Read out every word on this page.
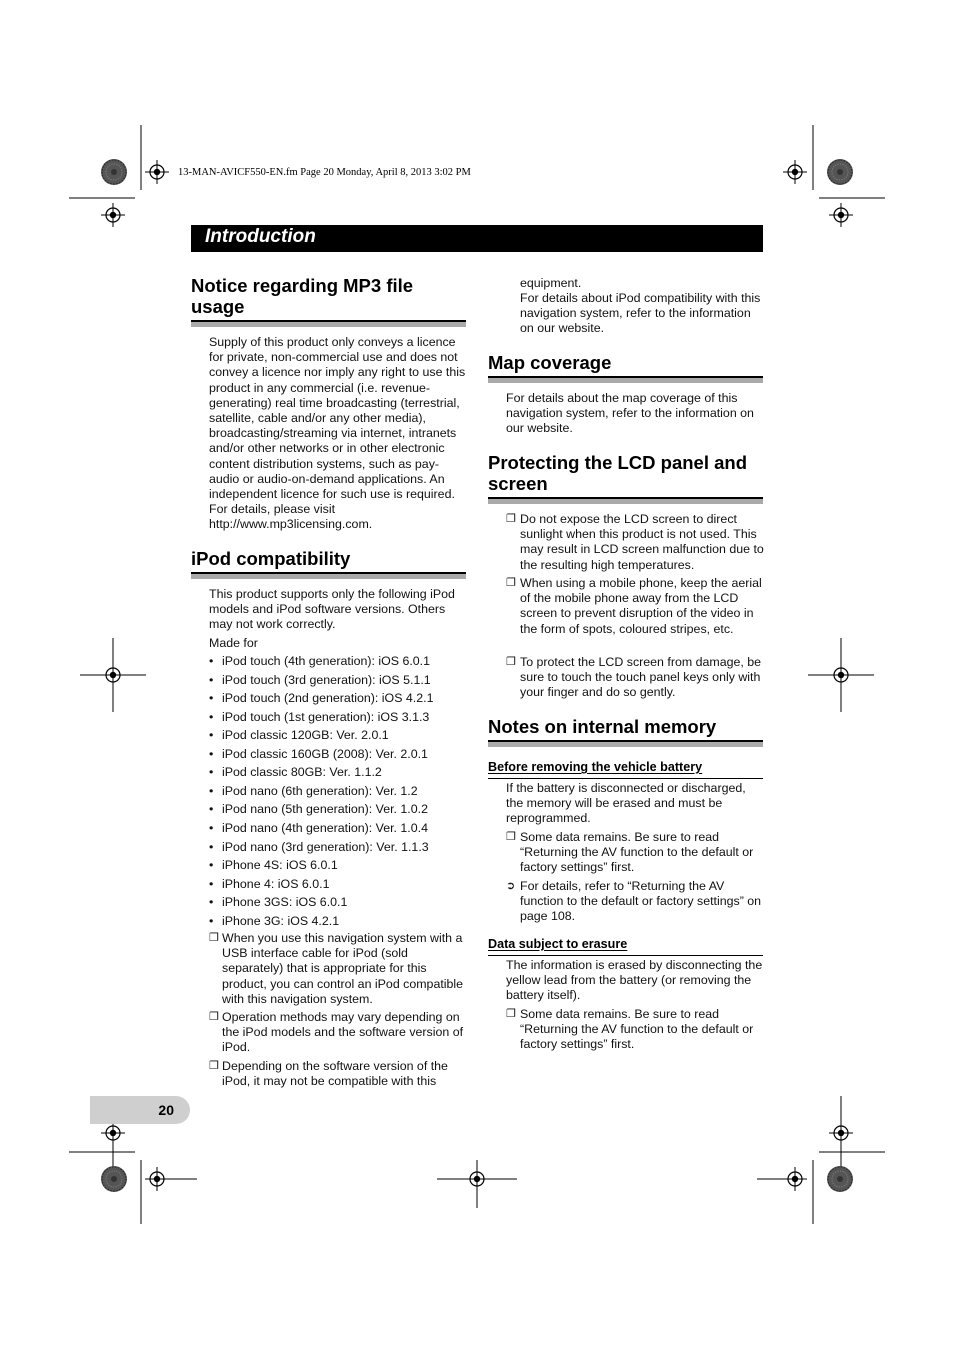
13-MAN-AVICF550-EN.fm Page 20 Monday, April 8, 2013 3:02 PM
Introduction
Notice regarding MP3 file
usage
Supply of this product only conveys a licence for private, non-commercial use and does not convey a licence nor imply any right to use this product in any commercial (i.e. revenue-generating) real time broadcasting (terrestrial, satellite, cable and/or any other media), broadcasting/streaming via internet, intranets and/or other networks or in other electronic content distribution systems, such as pay-audio or audio-on-demand applications. An independent licence for such use is required. For details, please visit http://www.mp3licensing.com.
iPod compatibility
This product supports only the following iPod models and iPod software versions. Others may not work correctly.
Made for
• iPod touch (4th generation): iOS 6.0.1
• iPod touch (3rd generation): iOS 5.1.1
• iPod touch (2nd generation): iOS 4.2.1
• iPod touch (1st generation): iOS 3.1.3
• iPod classic 120GB: Ver. 2.0.1
• iPod classic 160GB (2008): Ver. 2.0.1
• iPod classic 80GB: Ver. 1.1.2
• iPod nano (6th generation): Ver. 1.2
• iPod nano (5th generation): Ver. 1.0.2
• iPod nano (4th generation): Ver. 1.0.4
• iPod nano (3rd generation): Ver. 1.1.3
• iPhone 4S: iOS 6.0.1
• iPhone 4: iOS 6.0.1
• iPhone 3GS: iOS 6.0.1
• iPhone 3G: iOS 4.2.1
❐ When you use this navigation system with a USB interface cable for iPod (sold separately) that is appropriate for this product, you can control an iPod compatible with this navigation system.
❐ Operation methods may vary depending on the iPod models and the software version of iPod.
❐ Depending on the software version of the iPod, it may not be compatible with this
equipment.
For details about iPod compatibility with this navigation system, refer to the information on our website.
Map coverage
For details about the map coverage of this navigation system, refer to the information on our website.
Protecting the LCD panel and
screen
❐ Do not expose the LCD screen to direct sunlight when this product is not used. This may result in LCD screen malfunction due to the resulting high temperatures.
❐ When using a mobile phone, keep the aerial of the mobile phone away from the LCD screen to prevent disruption of the video in the form of spots, coloured stripes, etc.
❐ To protect the LCD screen from damage, be sure to touch the touch panel keys only with your finger and do so gently.
Notes on internal memory
Before removing the vehicle battery
If the battery is disconnected or discharged, the memory will be erased and must be reprogrammed.
❐ Some data remains. Be sure to read “Returning the AV function to the default or factory settings” first.
➲ For details, refer to “Returning the AV function to the default or factory settings” on page 108.
Data subject to erasure
The information is erased by disconnecting the yellow lead from the battery (or removing the battery itself).
❐ Some data remains. Be sure to read “Returning the AV function to the default or factory settings” first.
20
